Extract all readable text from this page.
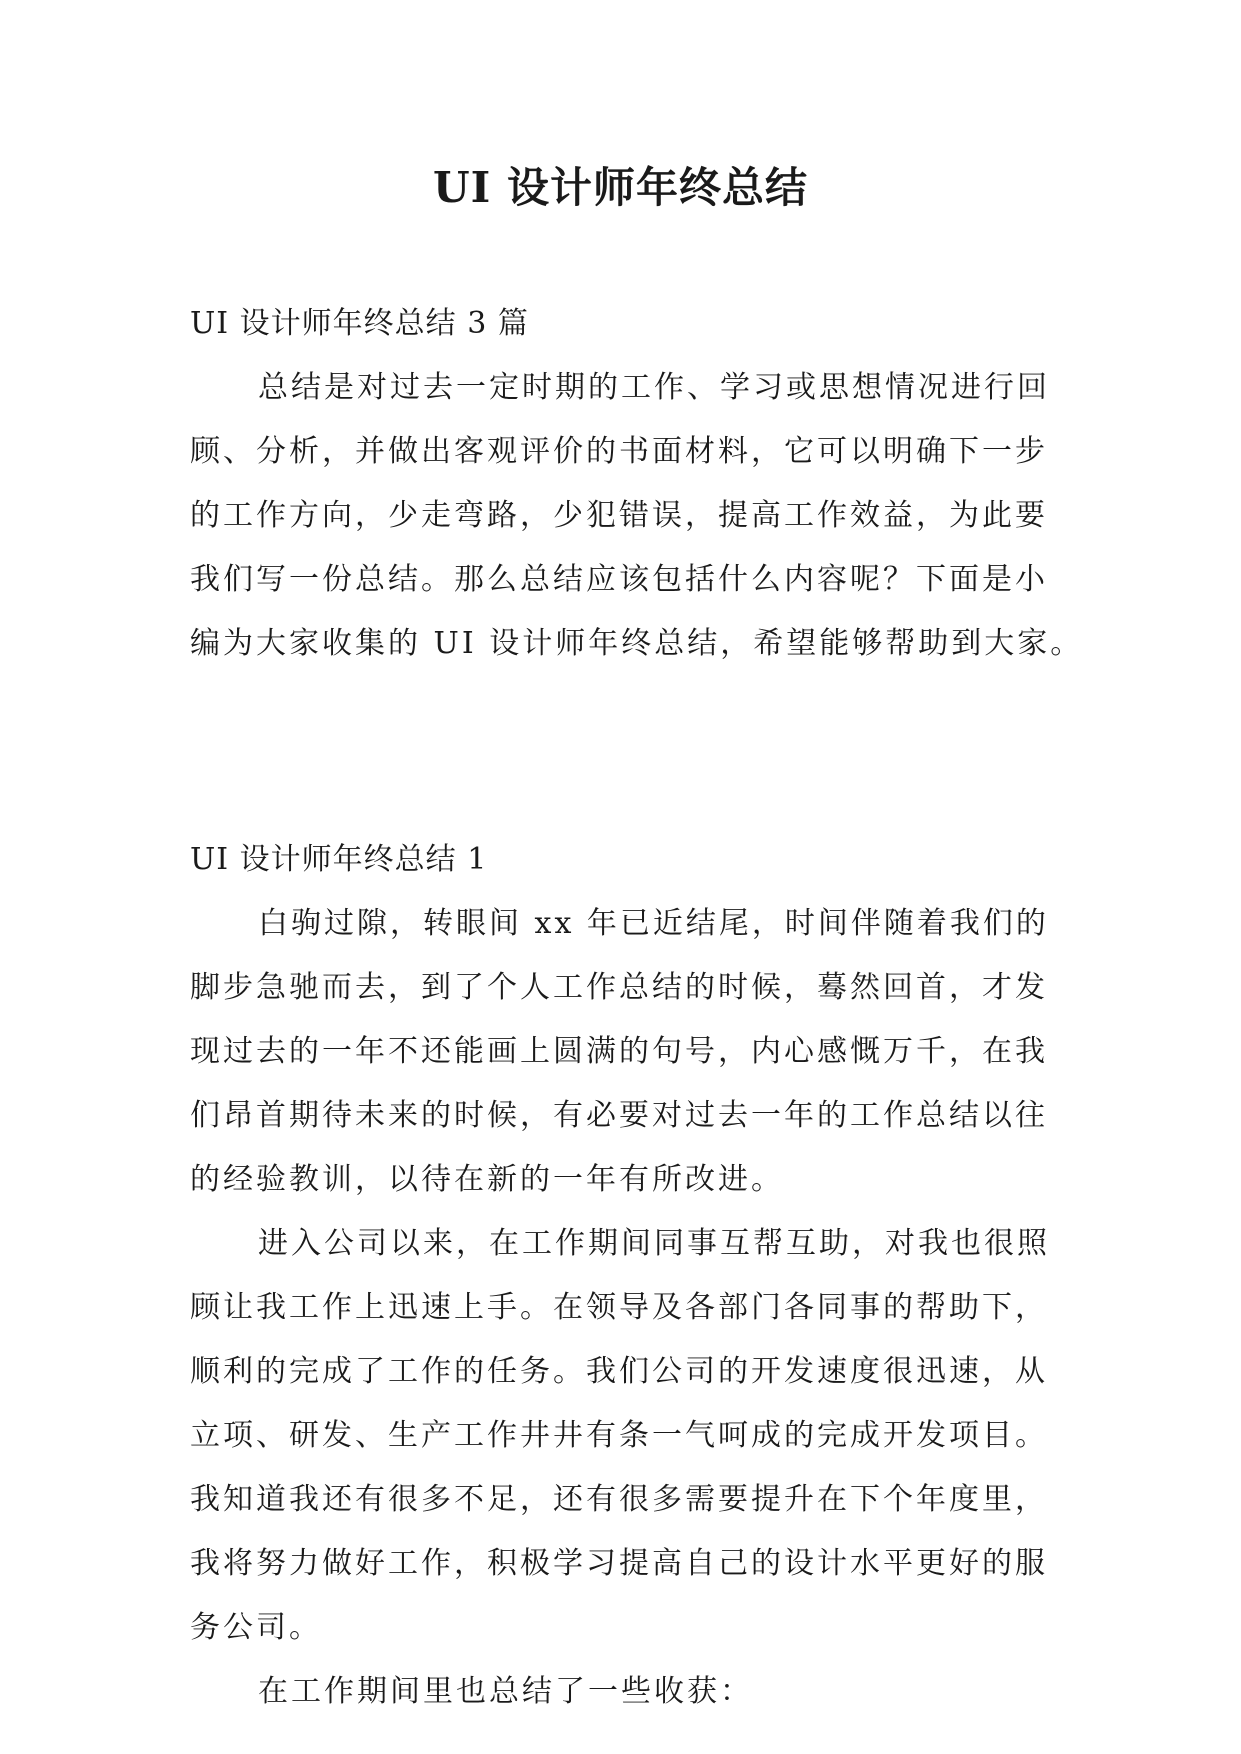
UI 设计师年终总结
UI 设计师年终总结 3 篇
总结是对过去一定时期的工作、学习或思想情况进行回
顾、分析，并做出客观评价的书面材料，它可以明确下一步
的工作方向，少走弯路，少犯错误，提高工作效益，为此要
我们写一份总结。那么总结应该包括什么内容呢？下面是小
编为大家收集的 UI 设计师年终总结，希望能够帮助到大家。
UI 设计师年终总结 1
白驹过隙，转眼间 xx 年已近结尾，时间伴随着我们的
脚步急驰而去，到了个人工作总结的时候，蓦然回首，才发
现过去的一年不还能画上圆满的句号，内心感慨万千，在我
们昂首期待未来的时候，有必要对过去一年的工作总结以往
的经验教训，以待在新的一年有所改进。
进入公司以来，在工作期间同事互帮互助，对我也很照
顾让我工作上迅速上手。在领导及各部门各同事的帮助下，
顺利的完成了工作的任务。我们公司的开发速度很迅速，从
立项、研发、生产工作井井有条一气呵成的完成开发项目。
我知道我还有很多不足，还有很多需要提升在下个年度里，
我将努力做好工作，积极学习提高自己的设计水平更好的服
务公司。
在工作期间里也总结了一些收获：
